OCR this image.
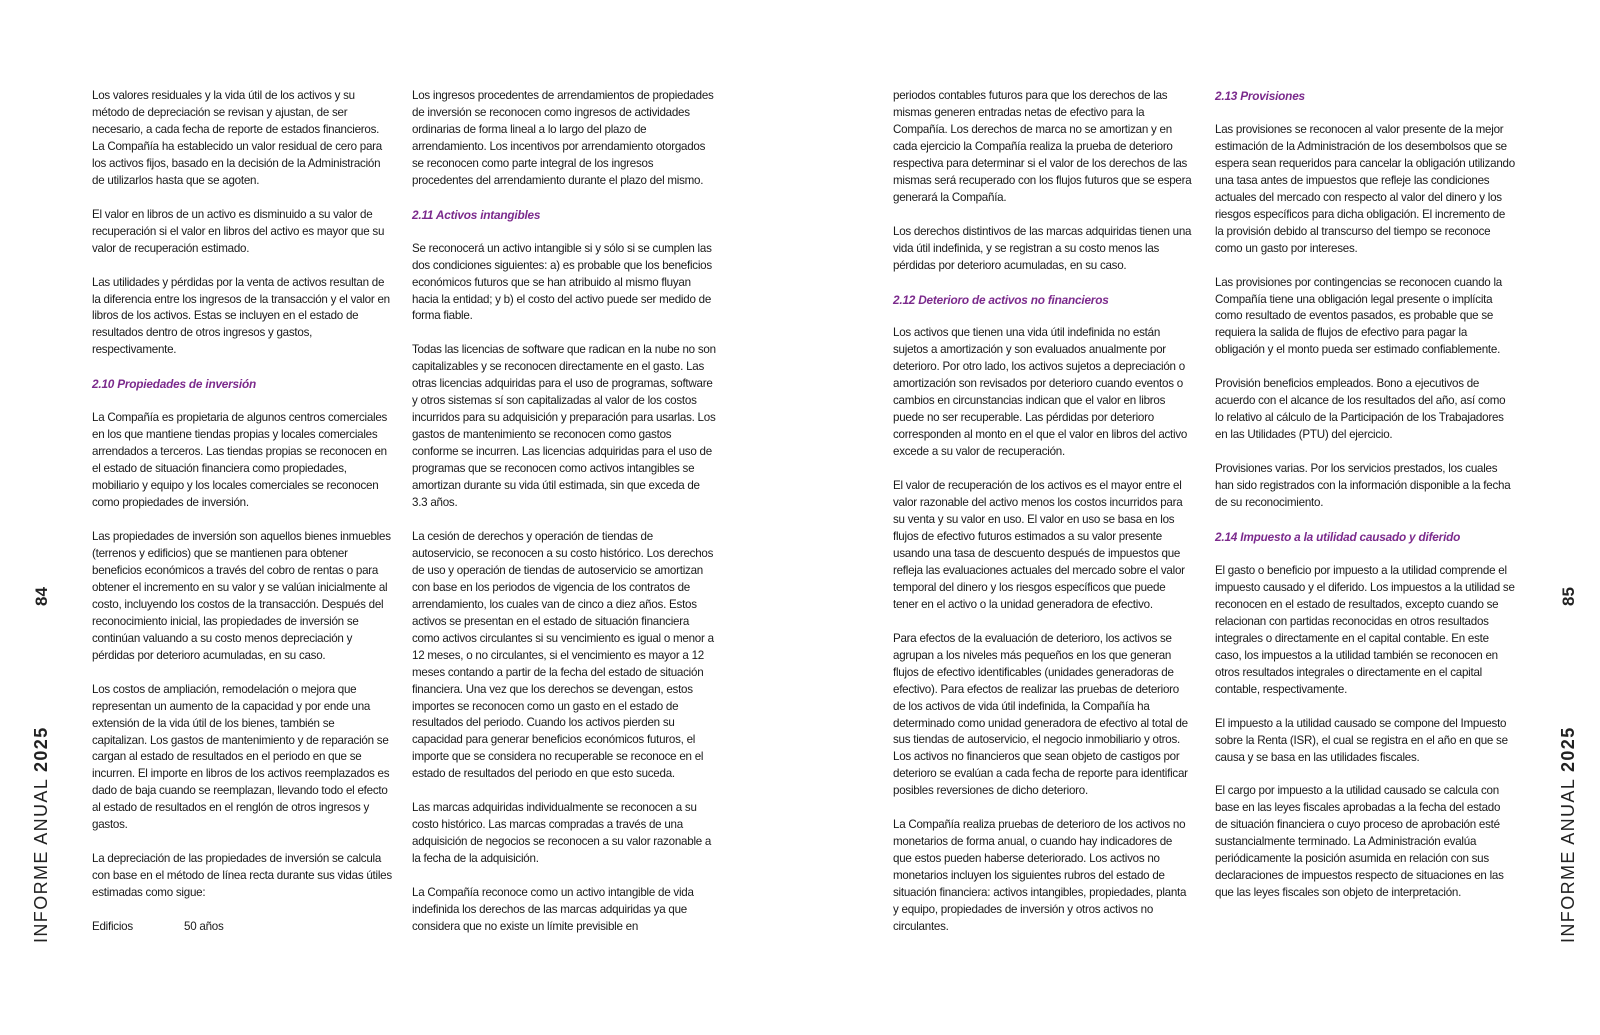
84
INFORME ANUAL 2025
85
INFORME ANUAL 2025

Los valores residuales y la vida útil de los activos y su método de depreciación se revisan y ajustan, de ser necesario, a cada fecha de reporte de estados financieros. La Compañía ha establecido un valor residual de cero para los activos fijos, basado en la decisión de la Administración de utilizarlos hasta que se agoten.

El valor en libros de un activo es disminuido a su valor de recuperación si el valor en libros del activo es mayor que su valor de recuperación estimado.

Las utilidades y pérdidas por la venta de activos resultan de la diferencia entre los ingresos de la transacción y el valor en libros de los activos. Estas se incluyen en el estado de resultados dentro de otros ingresos y gastos, respectivamente.

2.10 Propiedades de inversión

La Compañía es propietaria de algunos centros comerciales en los que mantiene tiendas propias y locales comerciales arrendados a terceros. Las tiendas propias se reconocen en el estado de situación financiera como propiedades, mobiliario y equipo y los locales comerciales se reconocen como propiedades de inversión.

Las propiedades de inversión son aquellos bienes inmuebles (terrenos y edificios) que se mantienen para obtener beneficios económicos a través del cobro de rentas o para obtener el incremento en su valor y se valúan inicialmente al costo, incluyendo los costos de la transacción. Después del reconocimiento inicial, las propiedades de inversión se continúan valuando a su costo menos depreciación y pérdidas por deterioro acumuladas, en su caso.

Los costos de ampliación, remodelación o mejora que representan un aumento de la capacidad y por ende una extensión de la vida útil de los bienes, también se capitalizan. Los gastos de mantenimiento y de reparación se cargan al estado de resultados en el periodo en que se incurren. El importe en libros de los activos reemplazados es dado de baja cuando se reemplazan, llevando todo el efecto al estado de resultados en el renglón de otros ingresos y gastos.

La depreciación de las propiedades de inversión se calcula con base en el método de línea recta durante sus vidas útiles estimadas como sigue:

Edificios	50 años

Los ingresos procedentes de arrendamientos de propiedades de inversión se reconocen como ingresos de actividades ordinarias de forma lineal a lo largo del plazo de arrendamiento. Los incentivos por arrendamiento otorgados se reconocen como parte integral de los ingresos procedentes del arrendamiento durante el plazo del mismo.

2.11 Activos intangibles

Se reconocerá un activo intangible si y sólo si se cumplen las dos condiciones siguientes: a) es probable que los beneficios económicos futuros que se han atribuido al mismo fluyan hacia la entidad; y b) el costo del activo puede ser medido de forma fiable.

Todas las licencias de software que radican en la nube no son capitalizables y se reconocen directamente en el gasto. Las otras licencias adquiridas para el uso de programas, software y otros sistemas sí son capitalizadas al valor de los costos incurridos para su adquisición y preparación para usarlas. Los gastos de mantenimiento se reconocen como gastos conforme se incurren. Las licencias adquiridas para el uso de programas que se reconocen como activos intangibles se amortizan durante su vida útil estimada, sin que exceda de 3.3 años.

La cesión de derechos y operación de tiendas de autoservicio, se reconocen a su costo histórico. Los derechos de uso y operación de tiendas de autoservicio se amortizan con base en los periodos de vigencia de los contratos de arrendamiento, los cuales van de cinco a diez años. Estos activos se presentan en el estado de situación financiera como activos circulantes si su vencimiento es igual o menor a 12 meses, o no circulantes, si el vencimiento es mayor a 12 meses contando a partir de la fecha del estado de situación financiera. Una vez que los derechos se devengan, estos importes se reconocen como un gasto en el estado de resultados del periodo. Cuando los activos pierden su capacidad para generar beneficios económicos futuros, el importe que se considera no recuperable se reconoce en el estado de resultados del periodo en que esto suceda.

Las marcas adquiridas individualmente se reconocen a su costo histórico. Las marcas compradas a través de una adquisición de negocios se reconocen a su valor razonable a la fecha de la adquisición.

La Compañía reconoce como un activo intangible de vida indefinida los derechos de las marcas adquiridas ya que considera que no existe un límite previsible en

periodos contables futuros para que los derechos de las mismas generen entradas netas de efectivo para la Compañía. Los derechos de marca no se amortizan y en cada ejercicio la Compañía realiza la prueba de deterioro respectiva para determinar si el valor de los derechos de las mismas será recuperado con los flujos futuros que se espera generará la Compañía.

Los derechos distintivos de las marcas adquiridas tienen una vida útil indefinida, y se registran a su costo menos las pérdidas por deterioro acumuladas, en su caso.

2.12 Deterioro de activos no financieros

Los activos que tienen una vida útil indefinida no están sujetos a amortización y son evaluados anualmente por deterioro. Por otro lado, los activos sujetos a depreciación o amortización son revisados por deterioro cuando eventos o cambios en circunstancias indican que el valor en libros puede no ser recuperable. Las pérdidas por deterioro corresponden al monto en el que el valor en libros del activo excede a su valor de recuperación.

El valor de recuperación de los activos es el mayor entre el valor razonable del activo menos los costos incurridos para su venta y su valor en uso. El valor en uso se basa en los flujos de efectivo futuros estimados a su valor presente usando una tasa de descuento después de impuestos que refleja las evaluaciones actuales del mercado sobre el valor temporal del dinero y los riesgos específicos que puede tener en el activo o la unidad generadora de efectivo.

Para efectos de la evaluación de deterioro, los activos se agrupan a los niveles más pequeños en los que generan flujos de efectivo identificables (unidades generadoras de efectivo). Para efectos de realizar las pruebas de deterioro de los activos de vida útil indefinida, la Compañía ha determinado como unidad generadora de efectivo al total de sus tiendas de autoservicio, el negocio inmobiliario y otros. Los activos no financieros que sean objeto de castigos por deterioro se evalúan a cada fecha de reporte para identificar posibles reversiones de dicho deterioro.

La Compañía realiza pruebas de deterioro de los activos no monetarios de forma anual, o cuando hay indicadores de que estos pueden haberse deteriorado. Los activos no monetarios incluyen los siguientes rubros del estado de situación financiera: activos intangibles, propiedades, planta y equipo, propiedades de inversión y otros activos no circulantes.

2.13 Provisiones

Las provisiones se reconocen al valor presente de la mejor estimación de la Administración de los desembolsos que se espera sean requeridos para cancelar la obligación utilizando una tasa antes de impuestos que refleje las condiciones actuales del mercado con respecto al valor del dinero y los riesgos específicos para dicha obligación. El incremento de la provisión debido al transcurso del tiempo se reconoce como un gasto por intereses.

Las provisiones por contingencias se reconocen cuando la Compañía tiene una obligación legal presente o implícita como resultado de eventos pasados, es probable que se requiera la salida de flujos de efectivo para pagar la obligación y el monto pueda ser estimado confiablemente.

Provisión beneficios empleados. Bono a ejecutivos de acuerdo con el alcance de los resultados del año, así como lo relativo al cálculo de la Participación de los Trabajadores en las Utilidades (PTU) del ejercicio.

Provisiones varias. Por los servicios prestados, los cuales han sido registrados con la información disponible a la fecha de su reconocimiento.

2.14 Impuesto a la utilidad causado y diferido

El gasto o beneficio por impuesto a la utilidad comprende el impuesto causado y el diferido. Los impuestos a la utilidad se reconocen en el estado de resultados, excepto cuando se relacionan con partidas reconocidas en otros resultados integrales o directamente en el capital contable. En este caso, los impuestos a la utilidad también se reconocen en otros resultados integrales o directamente en el capital contable, respectivamente.

El impuesto a la utilidad causado se compone del Impuesto sobre la Renta (ISR), el cual se registra en el año en que se causa y se basa en las utilidades fiscales.

El cargo por impuesto a la utilidad causado se calcula con base en las leyes fiscales aprobadas a la fecha del estado de situación financiera o cuyo proceso de aprobación esté sustancialmente terminado. La Administración evalúa periódicamente la posición asumida en relación con sus declaraciones de impuestos respecto de situaciones en las que las leyes fiscales son objeto de interpretación.
